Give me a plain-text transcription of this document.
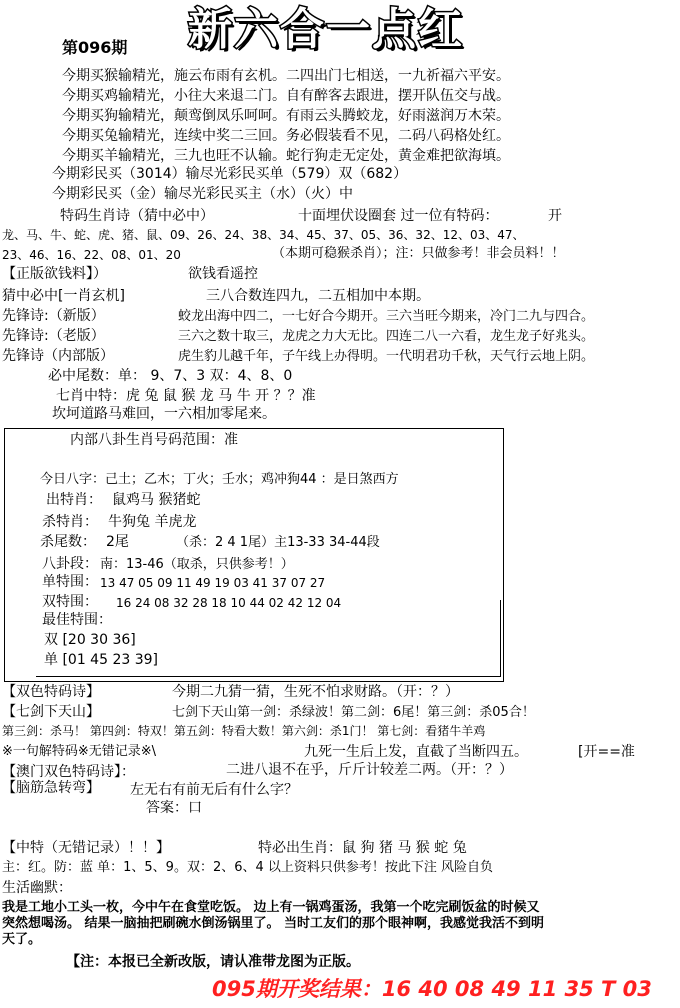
新六合一点红
第096期
今期买猴输精光，施云布雨有玄机。二四出门七相送，一九祈福六平安。
今期买鸡输精光，小往大来退二门。自有醉客去跟进，摆开队伍交与战。
今期买狗输精光，颠鸾倒凤乐呵呵。有雨云头腾蛟龙，好雨滋润万木荣。
今期买兔输精光，连续中奖二三回。务必假装看不见，二码八码格处红。
今期买羊输精光，三九也旺不认输。蛇行狗走无定处，黄金难把欲海填。
今期彩民买（3014）输尽光彩民买单（579）双（682）
今期彩民买（金）输尽光彩民买主（水）（火）中
特码生肖诗（猜中必中）	十面埋伏设圈套 过一位有特码：	开
龙、马、牛、蛇、虎、猪、鼠、09、26、24、38、34、45、37、05、36、32、12、03、47、
23、46、16、22、08、01、20	（本期可稳猴杀肖）；注：只做参考！非会员料！！
【正版欲钱料】）	欲钱看遥控
猜中必中[一肖玄机]	三八合数连四九，二五相加中本期。
先锋诗:（新版）	蛟龙出海中四二，一七好合今期开。三六当旺今期来，冷门二九与四合。
先锋诗:（老版）	三六之数十取三，龙虎之力大无比。四连二八一六看，龙生龙子好兆头。
先锋诗（内部版）	虎生豹儿越千年，子午线上办得明。一代明君功千秋，天气行云地上阴。
必中尾数：单： 9、7、3 双：4、8、0
七肖中特：虎 兔 鼠 猴 龙 马 牛 开 ？？准
坎坷道路马难回，一六相加零尾来。
内部八卦生肖号码范围：准
今日八字：己土；乙木；丁火；壬水；鸡冲狗44 ：是日煞西方
出特肖： 鼠鸡马 猴猪蛇
杀特肖： 牛狗兔 羊虎龙
杀尾数： 2尾	（杀：2 4 1尾）主13-33 34-44段
八卦段： 南：13-46（取杀，只供参考！）
单特围： 13 47 05 09 11 49 19 03 41 37 07 27
双特围： 16 24 08 32 28 18 10 44 02 42 12 04
最佳特围：
双 [20 30 36]
单 [01 45 23 39]
【双色特码诗】	今期二九猜一猜，生死不怕求财路。（开：？）
【七剑下天山】	七剑下天山第一剑：杀绿波！第二剑：6尾！第三剑：杀05合！
第三剑：杀马！ 第四剑：特双！第五剑：特看大数！第六剑：杀1门！ 第七剑：看猪牛羊鸡
※一句解特码※无错记录※\	九死一生后上发，直截了当断四五。	[开==准
【澳门双色特码诗】：	二进八退不在乎，斤斤计较差二两。（开：？）
【脑筋急转弯】 左无右有前无后有什么字？
答案：口
【中特（无错记录）！！】	特必出生肖：鼠 狗 猪 马 猴 蛇 兔
主：红。防：蓝 单：1、5、9。双：2、6、4 以上资料只供参考！按此下注 风险自负
生活幽默：
我是工地小工头一枚，今中午在食堂吃饭。 边上有一锅鸡蛋汤，我第一个吃完刷饭盆的时候又
突然想喝汤。 结果一脑抽把刷碗水倒汤锅里了。 当时工友们的那个眼神啊，我感觉我活不到明
天了。
【注：本报已全新改版，请认准带龙图为正版。
095期开奖结果：16 40 08 49 11 35 T 03
